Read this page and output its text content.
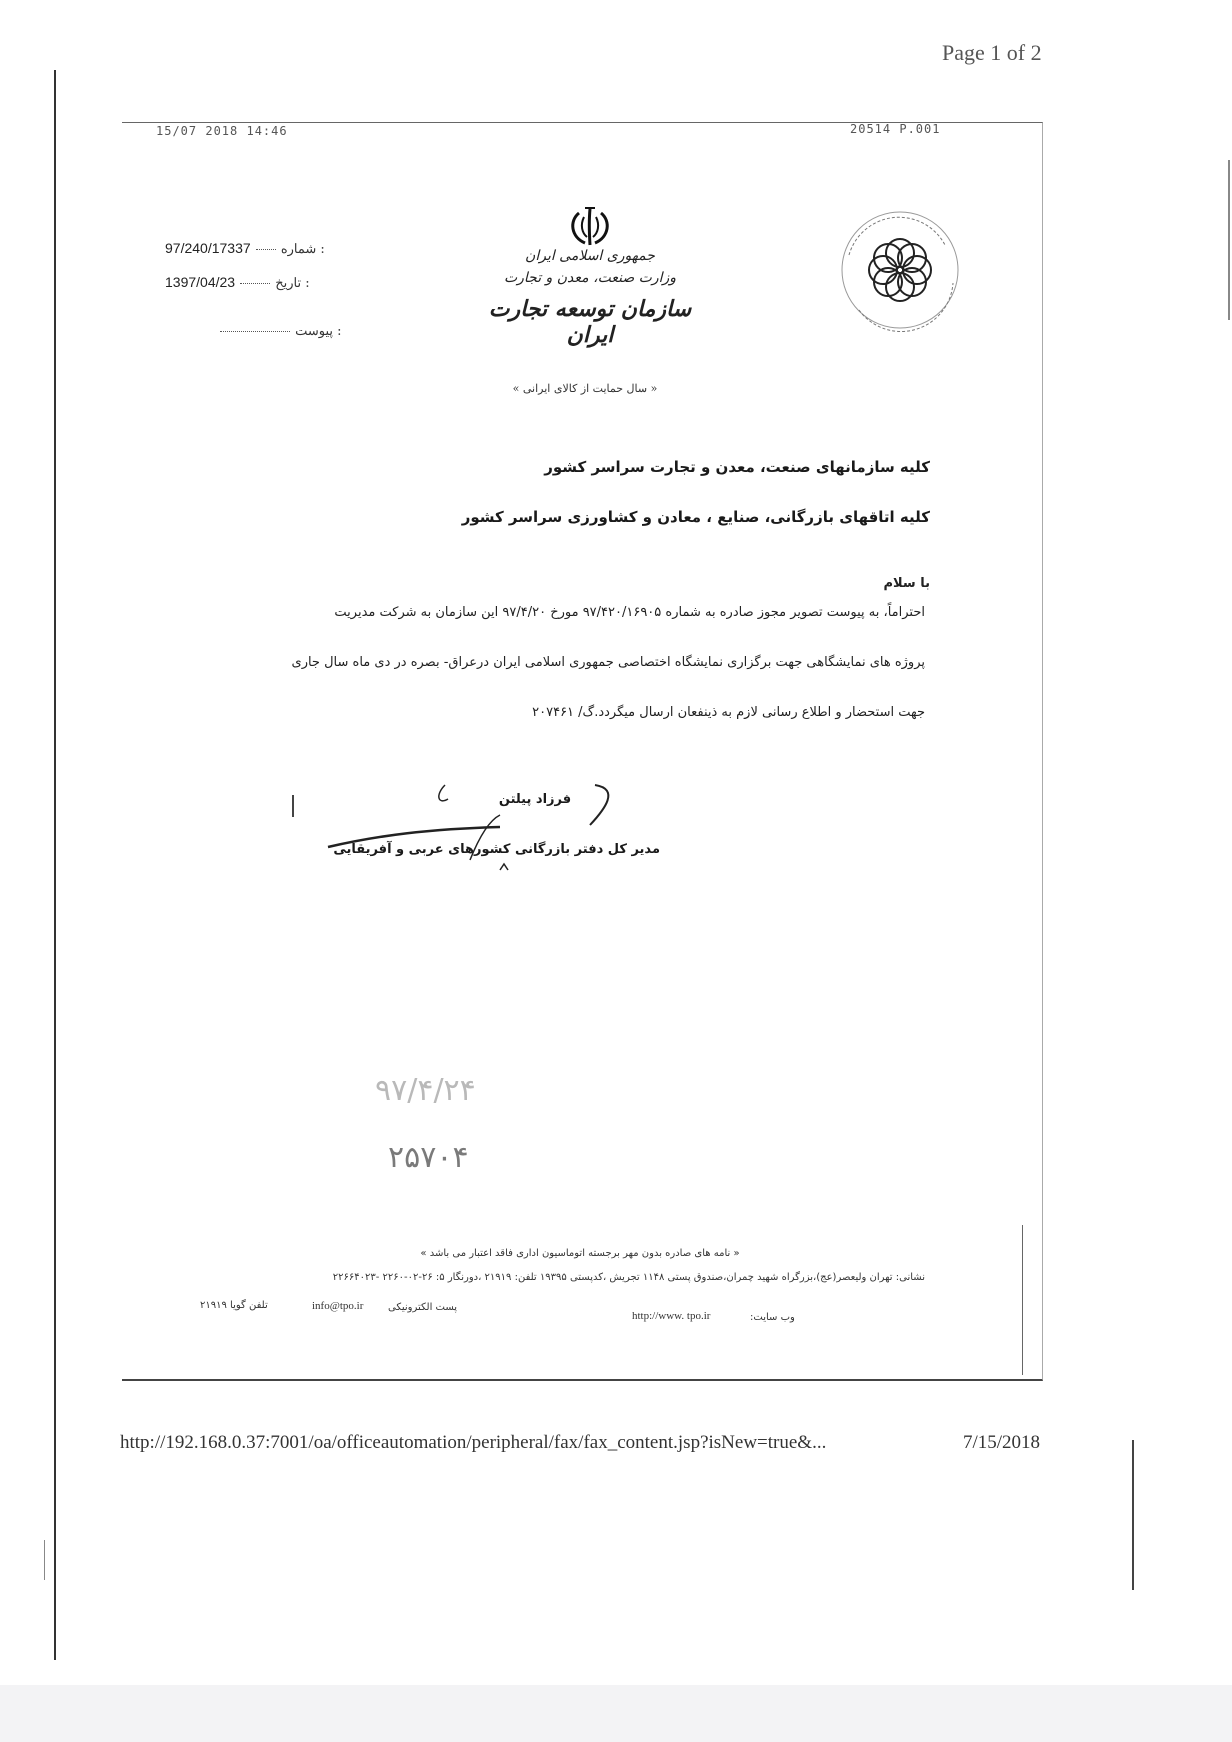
Page 1 of 2
15/07 2018 14:46	20514 P.001
97/240/17337 شماره :
1397/04/23	تاریخ :
پیوست :
جمهوری اسلامی ایران
وزارت صنعت، معدن و تجارت
سازمان توسعه تجارت ایران
« سال حمایت از کالای ایرانی »
کلیه سازمانهای صنعت، معدن و تجارت سراسر کشور
کلیه اتاقهای بازرگانی، صنایع ، معادن و کشاورزی سراسر کشور
با سلام
احتراماً، به پیوست تصویر مجوز صادره به شماره ۹۷/۴۲۰/۱۶۹۰۵ مورخ ۹۷/۴/۲۰ این سازمان به شرکت مدیریت
پروژه های نمایشگاهی جهت برگزاری نمایشگاه اختصاصی جمهوری اسلامی ایران درعراق- بصره در دی ماه سال جاری
جهت استحضار و اطلاع رسانی لازم به ذینفعان ارسال میگردد.گ/ ۲۰۷۴۶۱
فرزاد پیلتن
مدیر کل دفتر بازرگانی کشورهای عربی و آفریقایی
۹۷/۴/۲۴
۲۵۷۰۴
« نامه های صادره بدون مهر برجسته اتوماسیون اداری فاقد اعتبار می باشد »
نشانی: تهران ولیعصر(عج)،بزرگراه شهید چمران،صندوق پستی ۱۱۴۸ تجریش ،کدپستی ۱۹۳۹۵ تلفن: ۲۱۹۱۹ ،دورنگار ۵: ۲۶-۰۲-۲۲۶۰ -۲۲۶۶۴۰۲۳
تلفن گویا ۲۱۹۱۹	info@tpo.ir پست الکترونیکی
http://www. tpo.ir	وب سایت:
http://192.168.0.37:7001/oa/officeautomation/peripheral/fax/fax_content.jsp?isNew=true&...	7/15/2018
